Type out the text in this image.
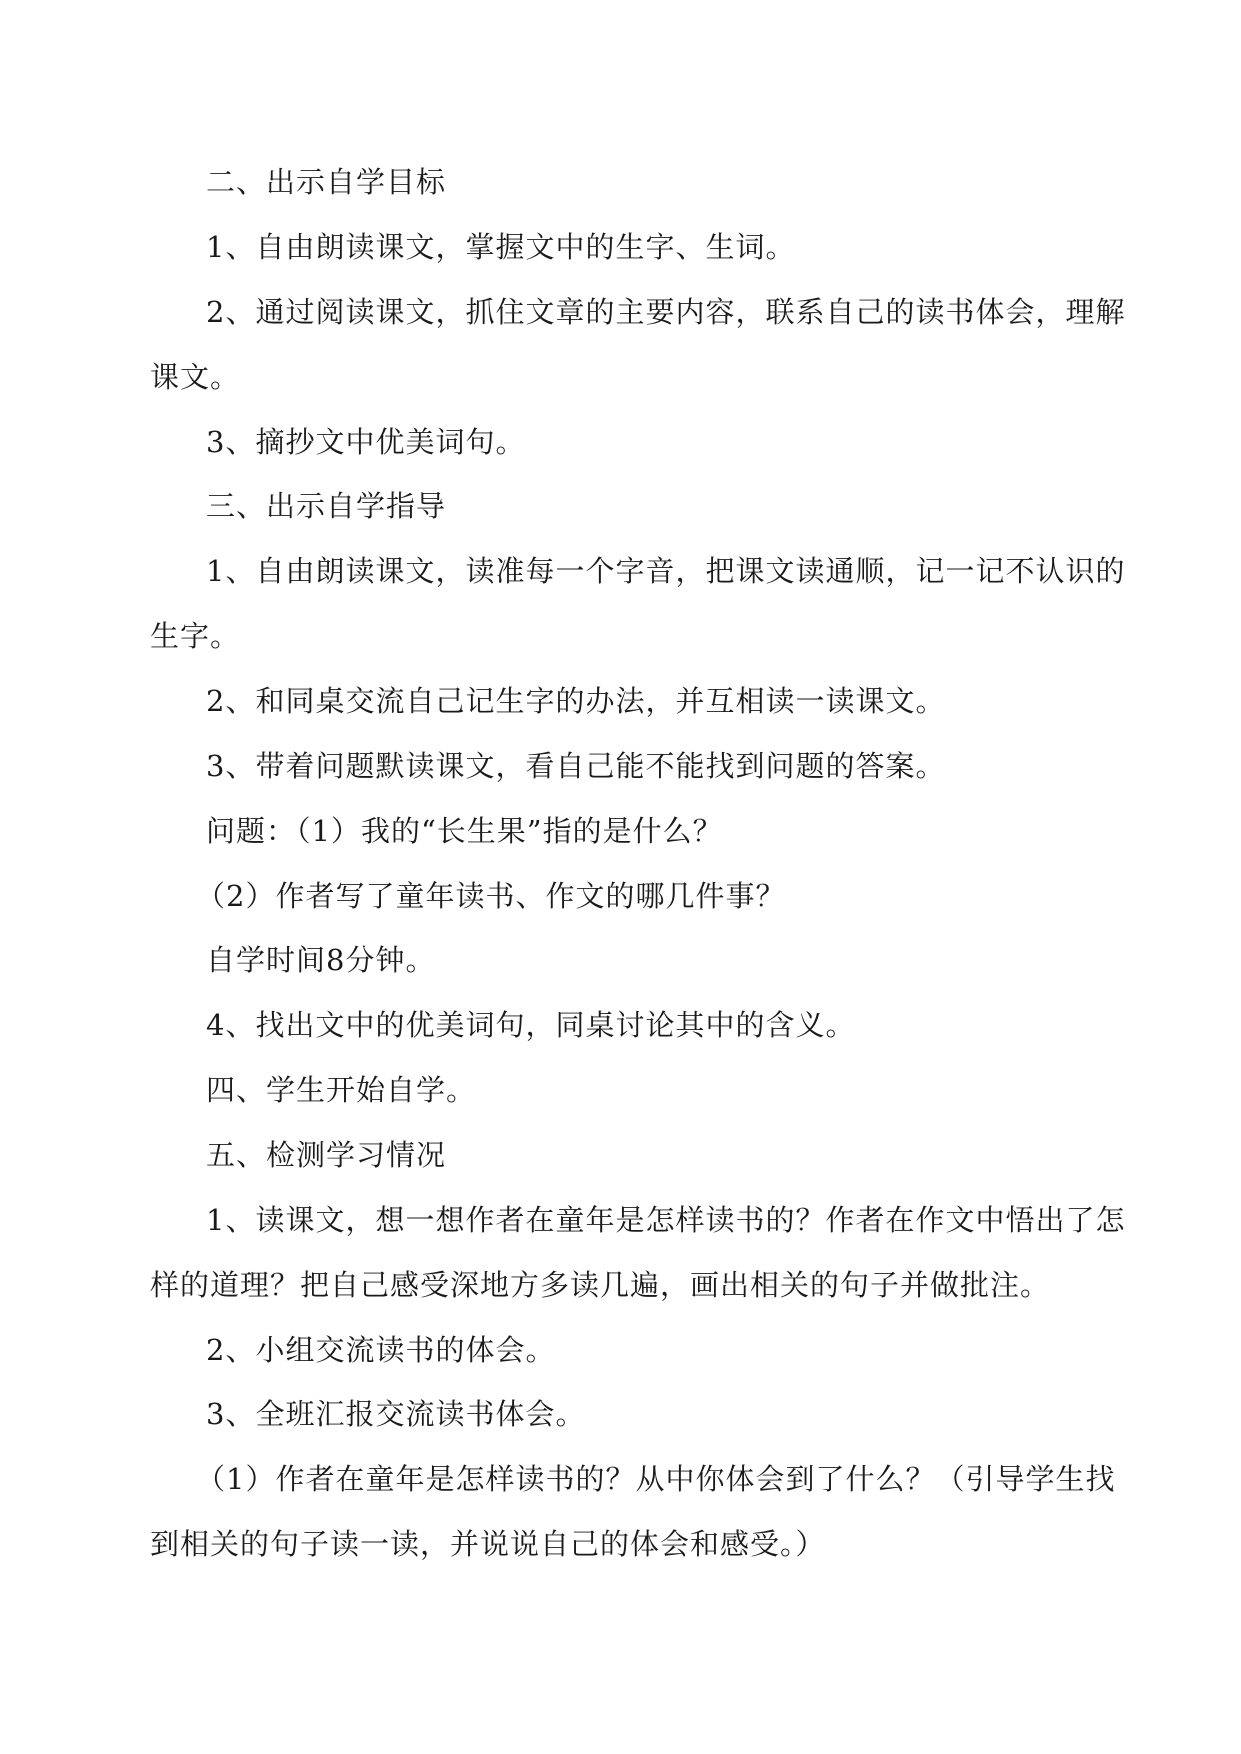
二、出示自学目标
1、自由朗读课文，掌握文中的生字、生词。
2、通过阅读课文，抓住文章的主要内容，联系自己的读书体会，理解
课文。
3、摘抄文中优美词句。
三、出示自学指导
1、自由朗读课文，读准每一个字音，把课文读通顺，记一记不认识的
生字。
2、和同桌交流自己记生字的办法，并互相读一读课文。
3、带着问题默读课文，看自己能不能找到问题的答案。
问题：（1）我的“长生果”指的是什么？
（2）作者写了童年读书、作文的哪几件事？
自学时间8分钟。
4、找出文中的优美词句，同桌讨论其中的含义。
四、学生开始自学。
五、检测学习情况
1、读课文，想一想作者在童年是怎样读书的？作者在作文中悟出了怎
样的道理？把自己感受深地方多读几遍，画出相关的句子并做批注。
2、小组交流读书的体会。
3、全班汇报交流读书体会。
（1）作者在童年是怎样读书的？从中你体会到了什么？（引导学生找
到相关的句子读一读，并说说自己的体会和感受。）
